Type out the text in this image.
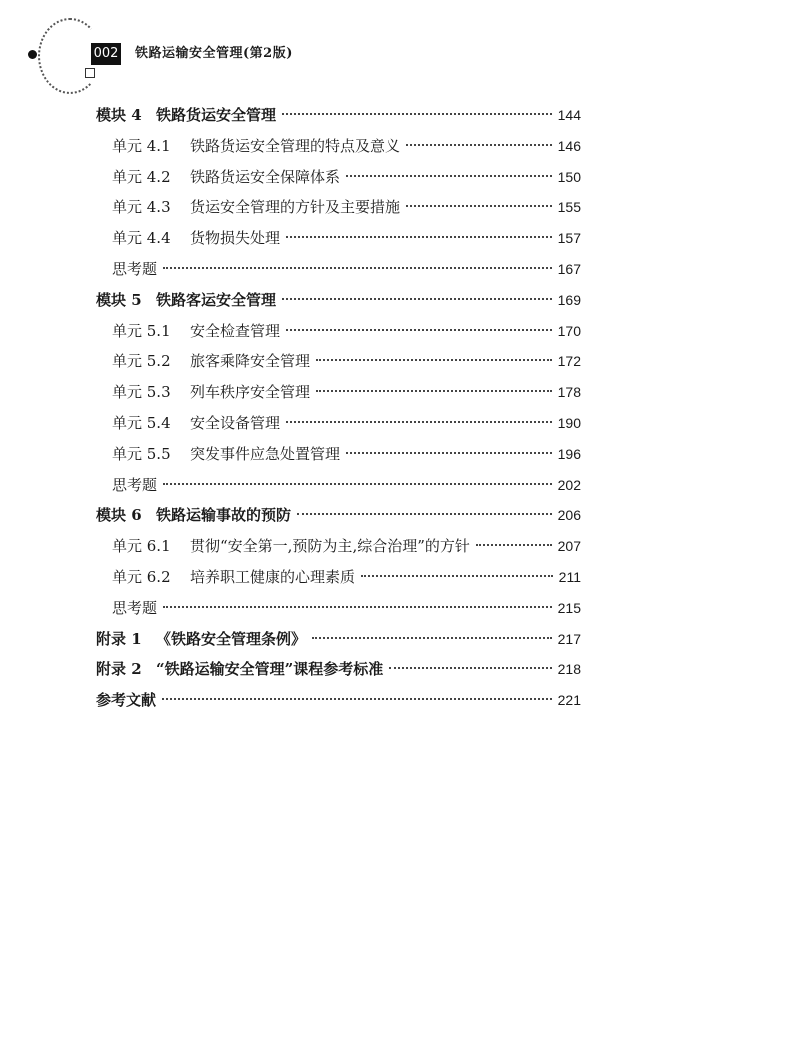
002 铁路运输安全管理(第2版)
模块 4 铁路货运安全管理	144
单元 4.1	铁路货运安全管理的特点及意义	146
单元 4.2	铁路货运安全保障体系	150
单元 4.3	货运安全管理的方针及主要措施	155
单元 4.4	货物损失处理	157
思考题	167
模块 5 铁路客运安全管理	169
单元 5.1	安全检查管理	170
单元 5.2	旅客乘降安全管理	172
单元 5.3	列车秩序安全管理	178
单元 5.4	安全设备管理	190
单元 5.5	突发事件应急处置管理	196
思考题	202
模块 6 铁路运输事故的预防	206
单元 6.1	贯彻“安全第一,预防为主,综合治理”的方针	207
单元 6.2	培养职工健康的心理素质	211
思考题	215
附录 1 《铁路安全管理条例》	217
附录 2 “铁路运输安全管理”课程参考标准	218
参考文献	221
